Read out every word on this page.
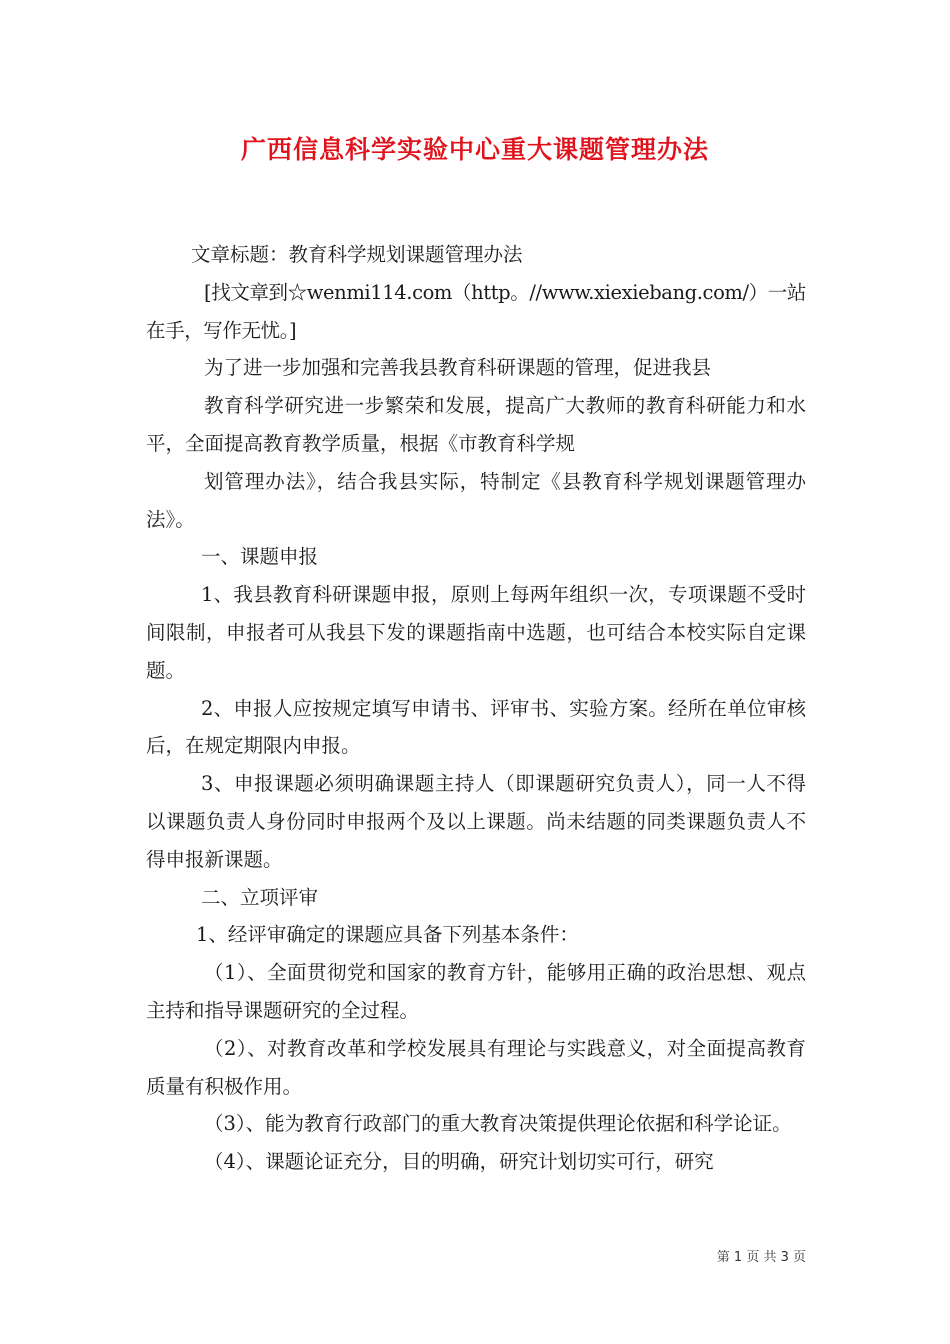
广西信息科学实验中心重大课题管理办法

文章标题：教育科学规划课题管理办法

[找文章到☆wenmi114.com（http。//www.xiexiebang.com/）一站在手，写作无忧。]

为了进一步加强和完善我县教育科研课题的管理，促进我县

教育科学研究进一步繁荣和发展，提高广大教师的教育科研能力和水平，全面提高教育教学质量，根据《市教育科学规

划管理办法》，结合我县实际，特制定《县教育科学规划课题管理办法》。

一、课题申报

1、我县教育科研课题申报，原则上每两年组织一次，专项课题不受时间限制，申报者可从我县下发的课题指南中选题，也可结合本校实际自定课题。

2、申报人应按规定填写申请书、评审书、实验方案。经所在单位审核后，在规定期限内申报。

3、申报课题必须明确课题主持人（即课题研究负责人），同一人不得以课题负责人身份同时申报两个及以上课题。尚未结题的同类课题负责人不得申报新课题。

二、立项评审

1、经评审确定的课题应具备下列基本条件：

（1）、全面贯彻党和国家的教育方针，能够用正确的政治思想、观点主持和指导课题研究的全过程。

（2）、对教育改革和学校发展具有理论与实践意义，对全面提高教育质量有积极作用。

（3）、能为教育行政部门的重大教育决策提供理论依据和科学论证。

（4）、课题论证充分，目的明确，研究计划切实可行，研究

第 1 页 共 3 页
